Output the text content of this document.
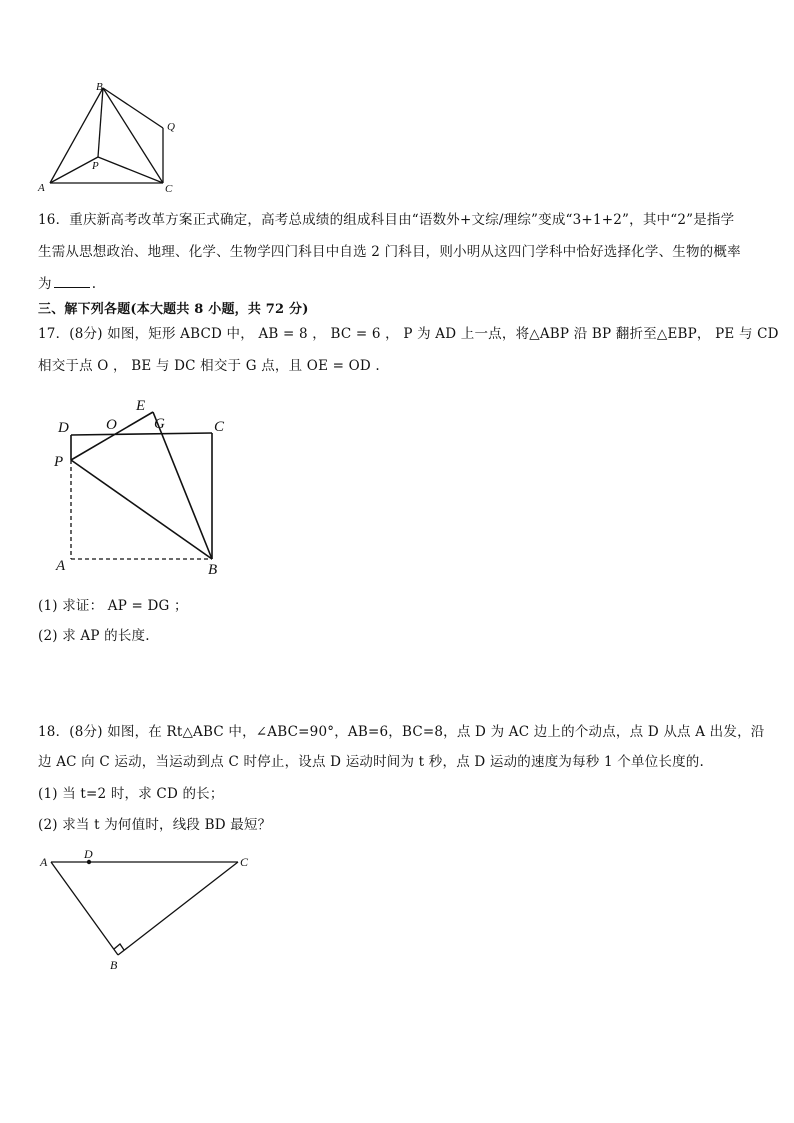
A
B
C
P
Q
16．重庆新高考改革方案正式确定，高考总成绩的组成科目由“语数外+文综/理综”变成“3+1+2”，其中“2”是指学
生需从思想政治、地理、化学、生物学四门科目中自选 2 门科目，则小明从这四门学科中恰好选择化学、生物的概率
为	.
三、解下列各题(本大题共 8 小题，共 72 分)
17．(8分) 如图，矩形 ABCD 中， AB = 8 ， BC = 6 ， P 为 AD 上一点，将△ABP 沿 BP 翻折至△EBP， PE 与 CD
相交于点 O ， BE 与 DC 相交于 G 点，且 OE = OD .
D O
E
G	C
P
A	B
(1) 求证： AP = DG ；
(2) 求 AP 的长度.
18．(8分) 如图，在 Rt△ABC 中，∠ABC=90°，AB=6，BC=8，点 D 为 AC 边上的个动点，点 D 从点 A 出发，沿
边 AC 向 C 运动，当运动到点 C 时停止，设点 D 运动时间为 t 秒，点 D 运动的速度为每秒 1 个单位长度的.
(1) 当 t=2 时，求 CD 的长；
(2) 求当 t 为何值时，线段 BD 最短？
A
D
C
B
